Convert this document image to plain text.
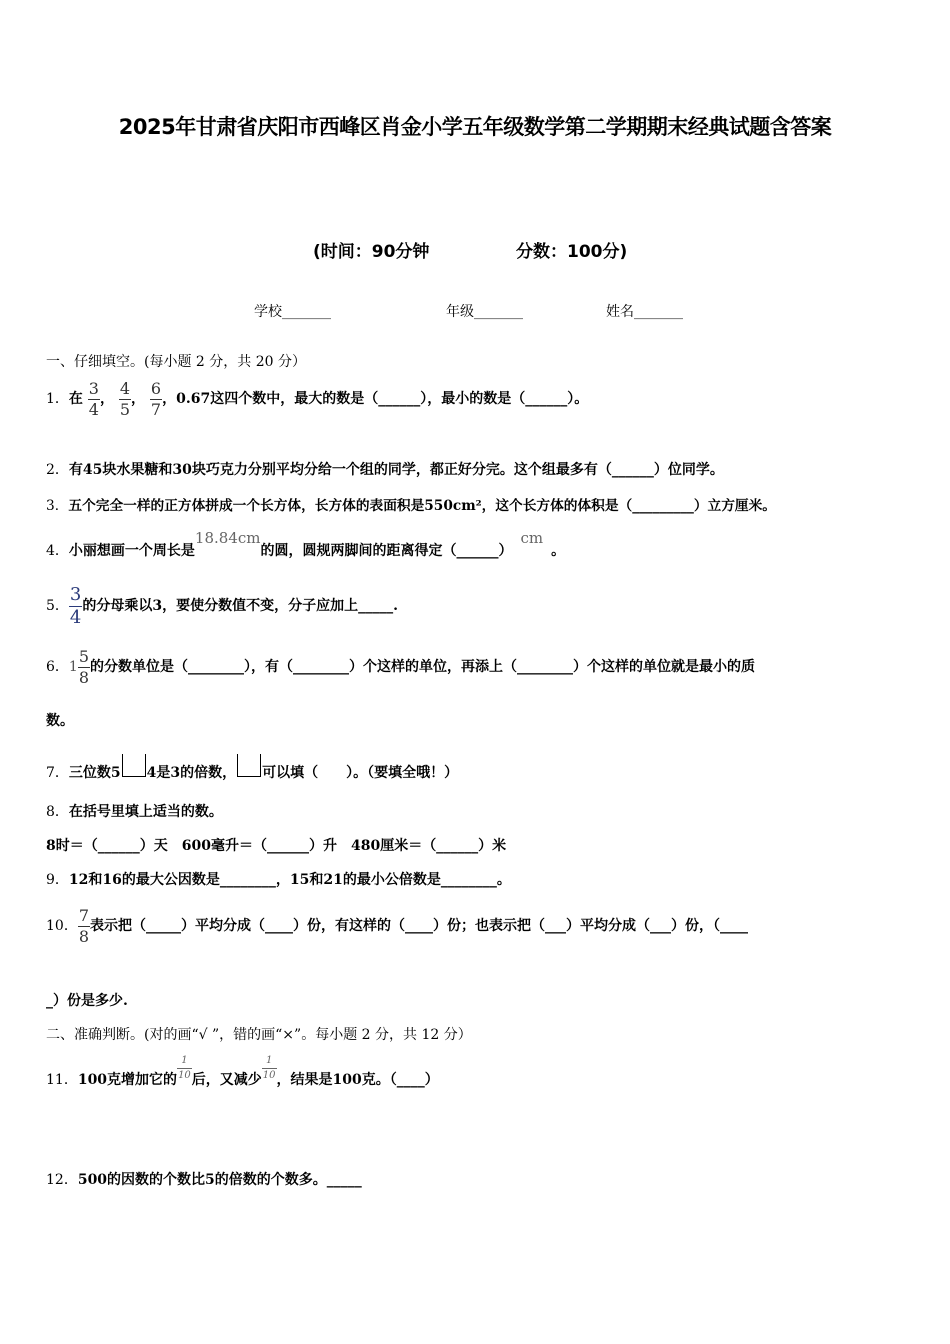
2025年甘肃省庆阳市西峰区肖金小学五年级数学第二学期期末经典试题含答案
(时间：90分钟	分数：100分)
学校_______	年级_______	姓名_______
一、仔细填空。(每小题 2 分，共 20 分）
1．在 $\frac{3}{4}$ ， $\frac{4}{5}$ ， $\frac{6}{7}$ ，0.67这四个数中，最大的数是（______），最小的数是（______）。
2．有45块水果糖和30块巧克力分别平均分给一个组的同学，都正好分完。这个组最多有（______）位同学。
3．五个完全一样的正方体拼成一个长方体，长方体的表面积是550cm²，这个长方体的体积是（_________）立方厘米。
4．小丽想画一个周长是18.84cm的圆，圆规两脚间的距离得定（______）cm。
5． $\frac{3}{4}$ 的分母乘以3，要使分数值不变，分子应加上_____.
6．$1 \frac{5}{8}$ 的分数单位是（________），有（________）个这样的单位，再添上（________）个这样的单位就是最小的质
数。
7．三位数5 4是3的倍数， 可以填（　　）。（要填全哦！）
8．在括号里填上适当的数。
8时＝（______）天　600毫升＝（______）升　480厘米＝（______）米
9．12和16的最大公因数是________，15和21的最小公倍数是________。
10． $\frac{7}{8}$ 表示把（_____）平均分成（____）份，有这样的（____）份；也表示把（___）平均分成（___）份，（____
_）份是多少.
二、准确判断。(对的画“√ ”，错的画“×”。每小题 2 分，共 12 分）
11．100克增加它的 $\frac{1}{10}$ 后，又减少 $\frac{1}{10}$ ，结果是100克。（____）
12．500的因数的个数比5的倍数的个数多。_____
